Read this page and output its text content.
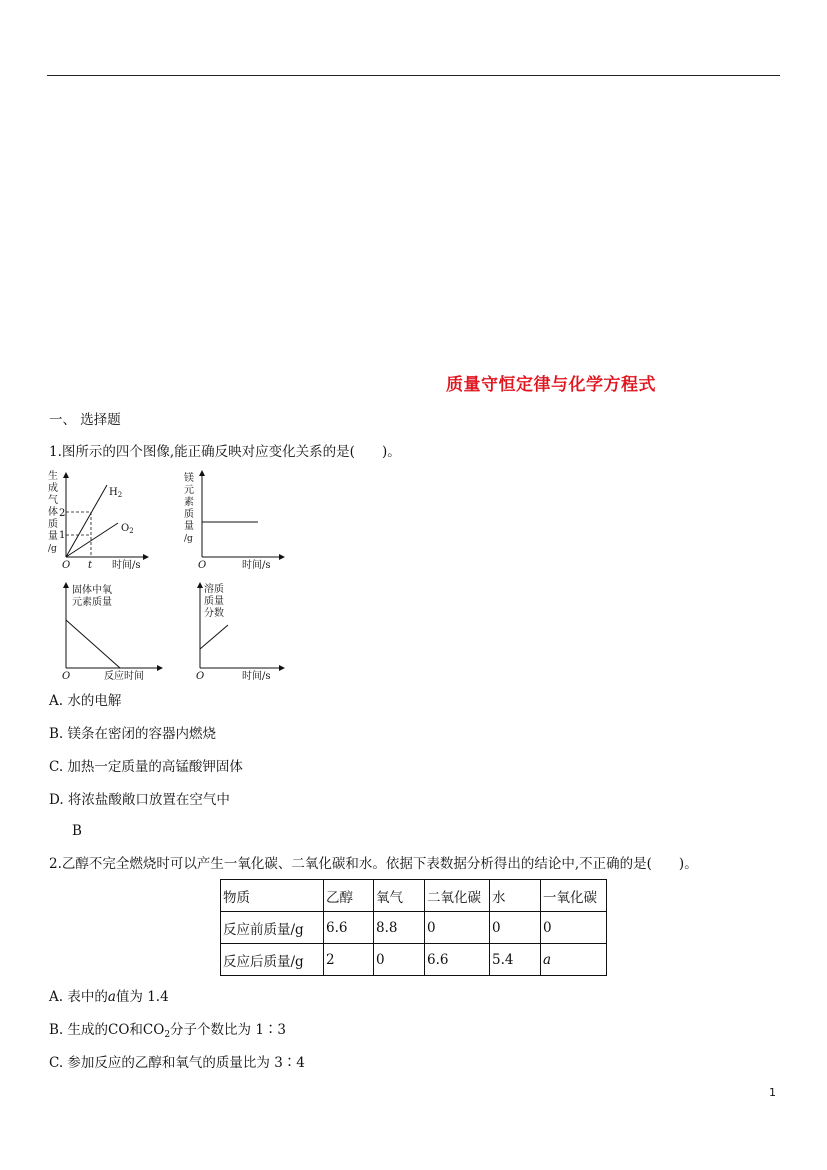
质量守恒定律与化学方程式
一、 选择题
1.图所示的四个图像,能正确反映对应变化关系的是(　　)。
生
成
气
体
质
量
/g
2
1
$H_2$
$O_2$
O t 时间/s
镁
元
素
质
量
/g
O	时间/s
固体中氧
元素质量
O	反应时间
溶质
质量
分数
O	时间/s
A. 水的电解
B. 镁条在密闭的容器内燃烧
C. 加热一定质量的高锰酸钾固体
D. 将浓盐酸敞口放置在空气中
B
2.乙醇不完全燃烧时可以产生一氧化碳、二氧化碳和水。依据下表数据分析得出的结论中,不正确的是(　　)。
物质	乙醇	氧气	二氧化碳	水	一氧化碳
反应前质量/g	6.6	8.8	0	0	0
反应后质量/g	2	0	6.6	5.4	a
A. 表中的a值为 1.4
B. 生成的CO和$CO_2$分子个数比为 1∶3
C. 参加反应的乙醇和氧气的质量比为 3∶4
1
